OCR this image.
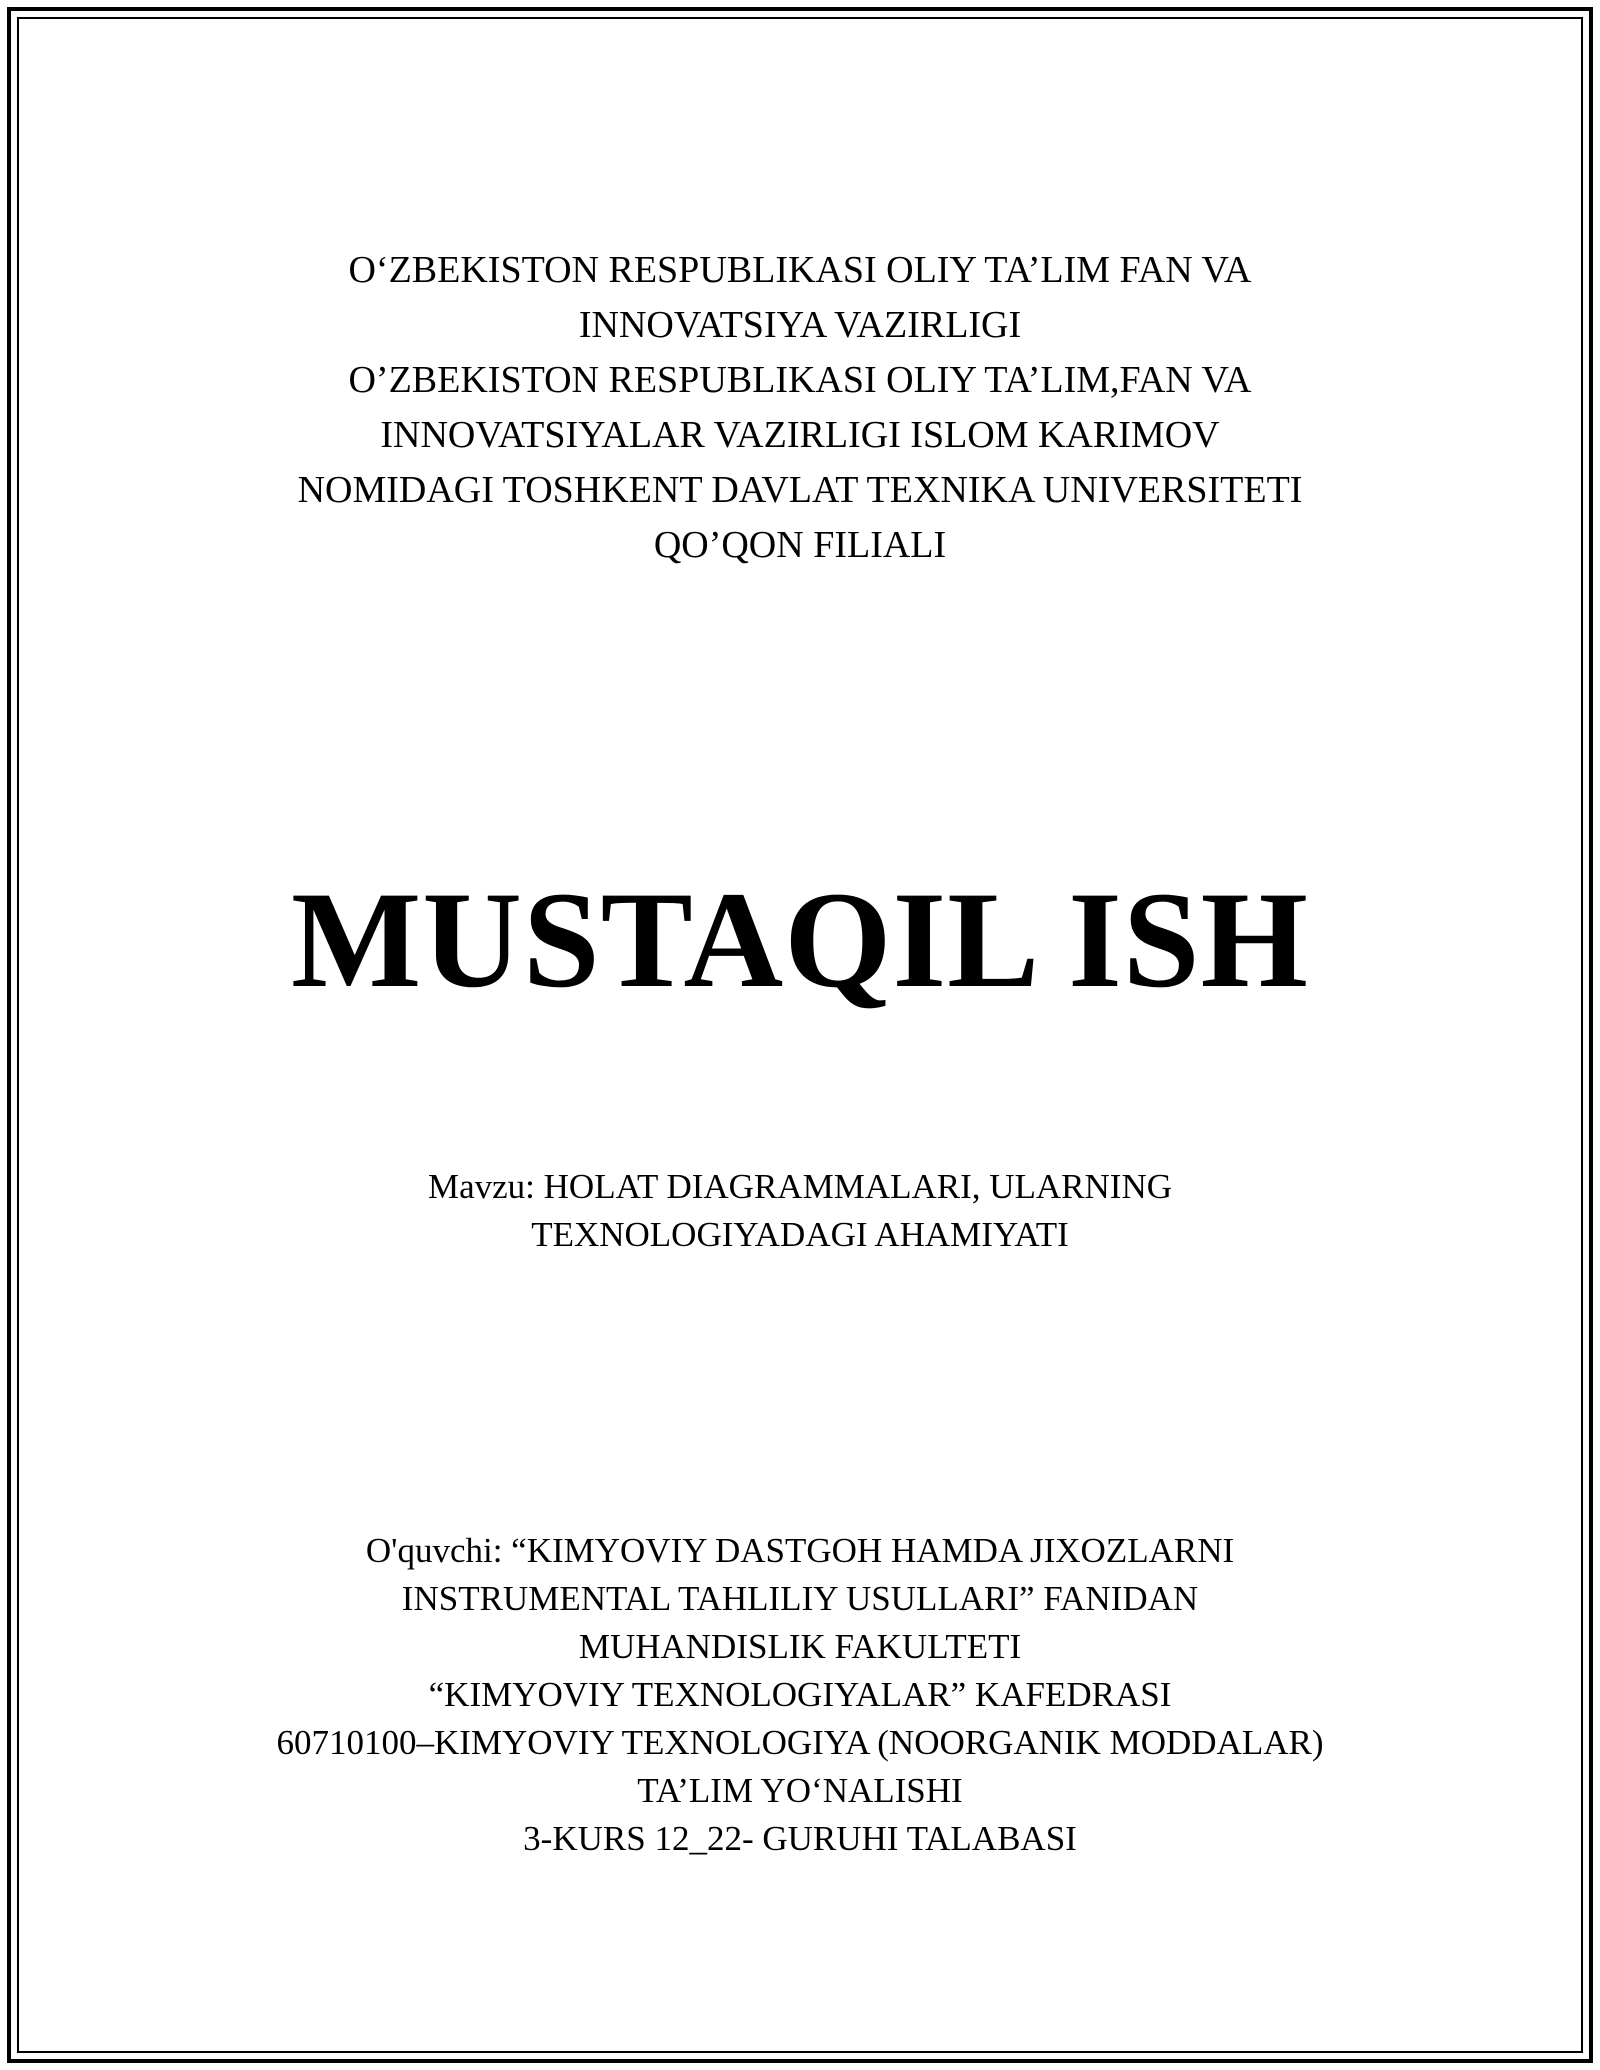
O‘ZBEKISTON RESPUBLIKASI OLIY TA’LIM FAN VA
INNOVATSIYA VAZIRLIGI
O’ZBEKISTON RESPUBLIKASI OLIY TA’LIM,FAN VA
INNOVATSIYALAR VAZIRLIGI ISLOM KARIMOV
NOMIDAGI TOSHKENT DAVLAT TEXNIKA UNIVERSITETI
QO’QON FILIALI
MUSTAQIL ISH
Mavzu: HOLAT DIAGRAMMALARI, ULARNING
TEXNOLOGIYADAGI AHAMIYATI
O'quvchi: “KIMYOVIY DASTGOH HAMDA JIXOZLARNI
INSTRUMENTAL TAHLILIY USULLARI” FANIDAN
MUHANDISLIK FAKULTETI
“KIMYOVIY TEXNOLOGIYALAR” KAFEDRASI
60710100–KIMYOVIY TEXNOLOGIYA (NOORGANIK MODDALAR)
TA’LIM YO‘NALISHI
3-KURS 12_22- GURUHI TALABASI
